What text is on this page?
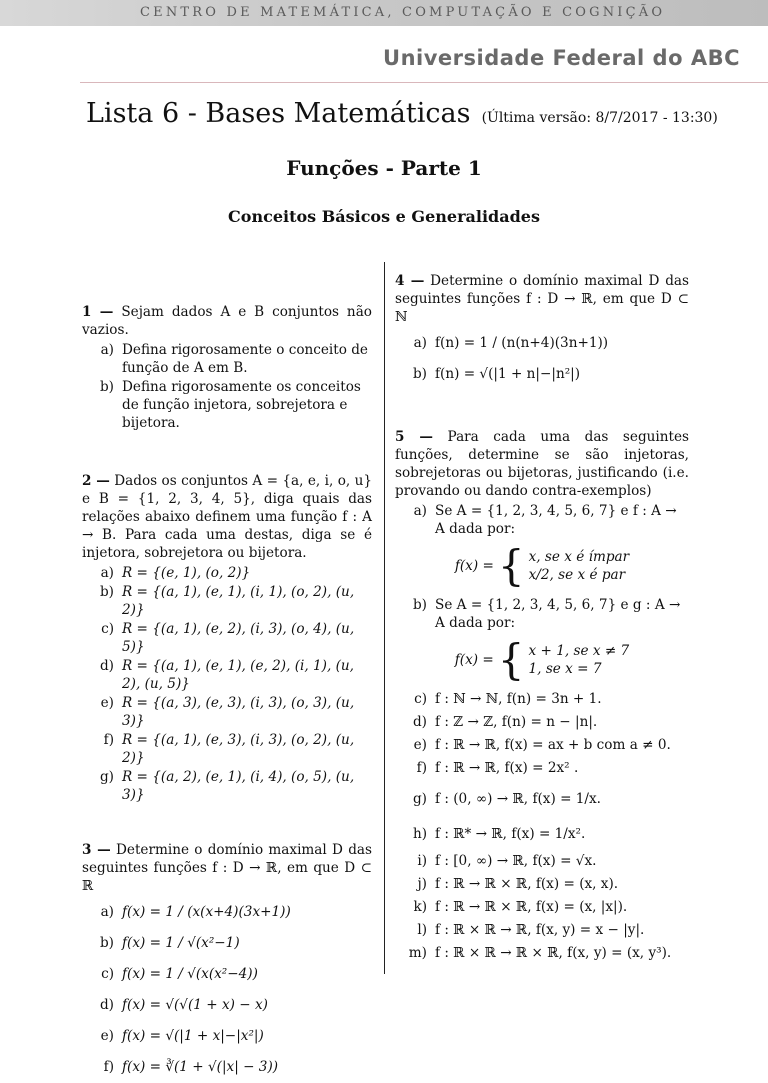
CENTRO DE MATEMÁTICA, COMPUTAÇÃO E COGNIÇÃO
Universidade Federal do ABC
Lista 6 - Bases Matemáticas (Última versão: 8/7/2017 - 13:30)
Funções - Parte 1
Conceitos Básicos e Generalidades
1 — Sejam dados A e B conjuntos não vazios.
a) Defina rigorosamente o conceito de função de A em B.
b) Defina rigorosamente os conceitos de função injetora, sobrejetora e bijetora.
2 — Dados os conjuntos A = {a, e, i, o, u} e B = {1, 2, 3, 4, 5}, diga quais das relações abaixo definem uma função f : A → B. Para cada uma destas, diga se é injetora, sobrejetora ou bijetora.
a) R = {(e, 1), (o, 2)}
b) R = {(a, 1), (e, 1), (i, 1), (o, 2), (u, 2)}
c) R = {(a, 1), (e, 2), (i, 3), (o, 4), (u, 5)}
d) R = {(a, 1), (e, 1), (e, 2), (i, 1), (u, 2), (u, 5)}
e) R = {(a, 3), (e, 3), (i, 3), (o, 3), (u, 3)}
f) R = {(a, 1), (e, 3), (i, 3), (o, 2), (u, 2)}
g) R = {(a, 2), (e, 1), (i, 4), (o, 5), (u, 3)}
3 — Determine o domínio maximal D das seguintes funções f : D → ℝ, em que D ⊂ ℝ
a) f(x) = 1 / (x(x+4)(3x+1))
b) f(x) = 1 / √(x²−1)
c) f(x) = 1 / √(x(x²−4))
d) f(x) = √(√(1 + x) − x)
e) f(x) = √(|1 + x|−|x²|)
f) f(x) = ∛(1 + √(|x| − 3))
4 — Determine o domínio maximal D das seguintes funções f : D → ℝ, em que D ⊂ ℕ
a) f(n) = 1 / (n(n+4)(3n+1))
b) f(n) = √(|1 + n|−|n²|)
5 — Para cada uma das seguintes funções, determine se são injetoras, sobrejetoras ou bijetoras, justificando (i.e. provando ou dando contra-exemplos)
a) Se A = {1, 2, 3, 4, 5, 6, 7} e f : A → A dada por:
f(x) = { x, se x é ímpar
x/2, se x é par
b) Se A = {1, 2, 3, 4, 5, 6, 7} e g : A → A dada por:
f(x) = { x + 1, se x ≠ 7
1, se x = 7
c) f : ℕ → ℕ, f(n) = 3n + 1.
d) f : ℤ → ℤ, f(n) = n − |n|.
e) f : ℝ → ℝ, f(x) = ax + b com a ≠ 0.
f) f : ℝ → ℝ, f(x) = 2x² .
g) f : (0, ∞) → ℝ, f(x) = 1/x.
h) f : ℝ* → ℝ, f(x) = 1/x².
i) f : [0, ∞) → ℝ, f(x) = √x.
j) f : ℝ → ℝ × ℝ, f(x) = (x, x).
k) f : ℝ → ℝ × ℝ, f(x) = (x, |x|).
l) f : ℝ × ℝ → ℝ, f(x, y) = x − |y|.
m) f : ℝ × ℝ → ℝ × ℝ, f(x, y) = (x, y³).
